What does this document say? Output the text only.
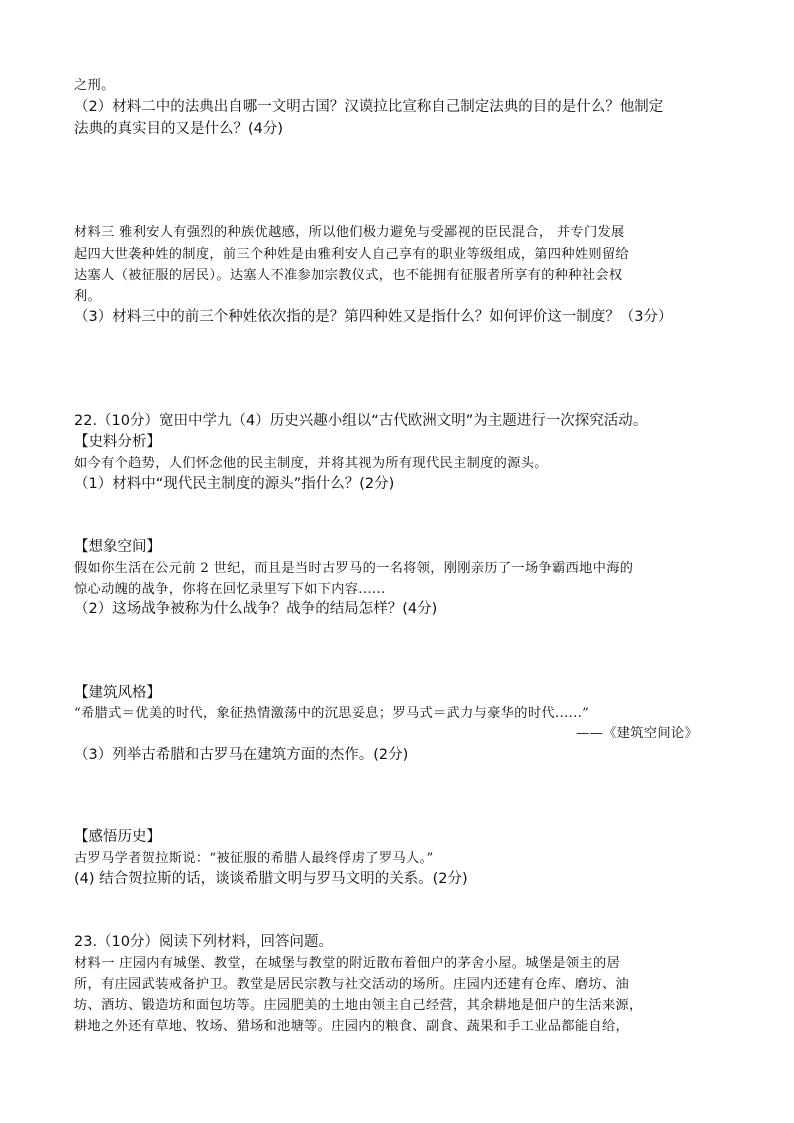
之刑。
（2）材料二中的法典出自哪一文明古国？汉谟拉比宣称自己制定法典的目的是什么？他制定
法典的真实目的又是什么？(4分)
材料三 雅利安人有强烈的种族优越感，所以他们极力避免与受鄙视的臣民混合， 并专门发展
起四大世袭种姓的制度，前三个种姓是由雅利安人自己享有的职业等级组成，第四种姓则留给
达塞人（被征服的居民）。达塞人不准参加宗教仪式，也不能拥有征服者所享有的种种社会权
利。
（3）材料三中的前三个种姓依次指的是？第四种姓又是指什么？如何评价这一制度？（3分）
22.（10分）宽田中学九（4）历史兴趣小组以“古代欧洲文明”为主题进行一次探究活动。
【史料分析】
如今有个趋势，人们怀念他的民主制度，并将其视为所有现代民主制度的源头。
（1）材料中“现代民主制度的源头”指什么？(2分)
【想象空间】
假如你生活在公元前 2 世纪，而且是当时古罗马的一名将领，刚刚亲历了一场争霸西地中海的
惊心动魄的战争，你将在回忆录里写下如下内容......
（2）这场战争被称为什么战争？战争的结局怎样？(4分)
【建筑风格】
“希腊式＝优美的时代，象征热情激荡中的沉思妥息；罗马式＝武力与豪华的时代......”
——《建筑空间论》
（3）列举古希腊和古罗马在建筑方面的杰作。(2分)
【感悟历史】
古罗马学者贺拉斯说：“被征服的希腊人最终俘虏了罗马人。”
(4) 结合贺拉斯的话，谈谈希腊文明与罗马文明的关系。(2分)
23.（10分）阅读下列材料，回答问题。
材料一 庄园内有城堡、教堂，在城堡与教堂的附近散布着佃户的茅舍小屋。城堡是领主的居
所，有庄园武装戒备护卫。教堂是居民宗教与社交活动的场所。庄园内还建有仓库、磨坊、油
坊、酒坊、锻造坊和面包坊等。庄园肥美的土地由领主自己经营，其余耕地是佃户的生活来源，
耕地之外还有草地、牧场、猎场和池塘等。庄园内的粮食、副食、蔬果和手工业品都能自给，
